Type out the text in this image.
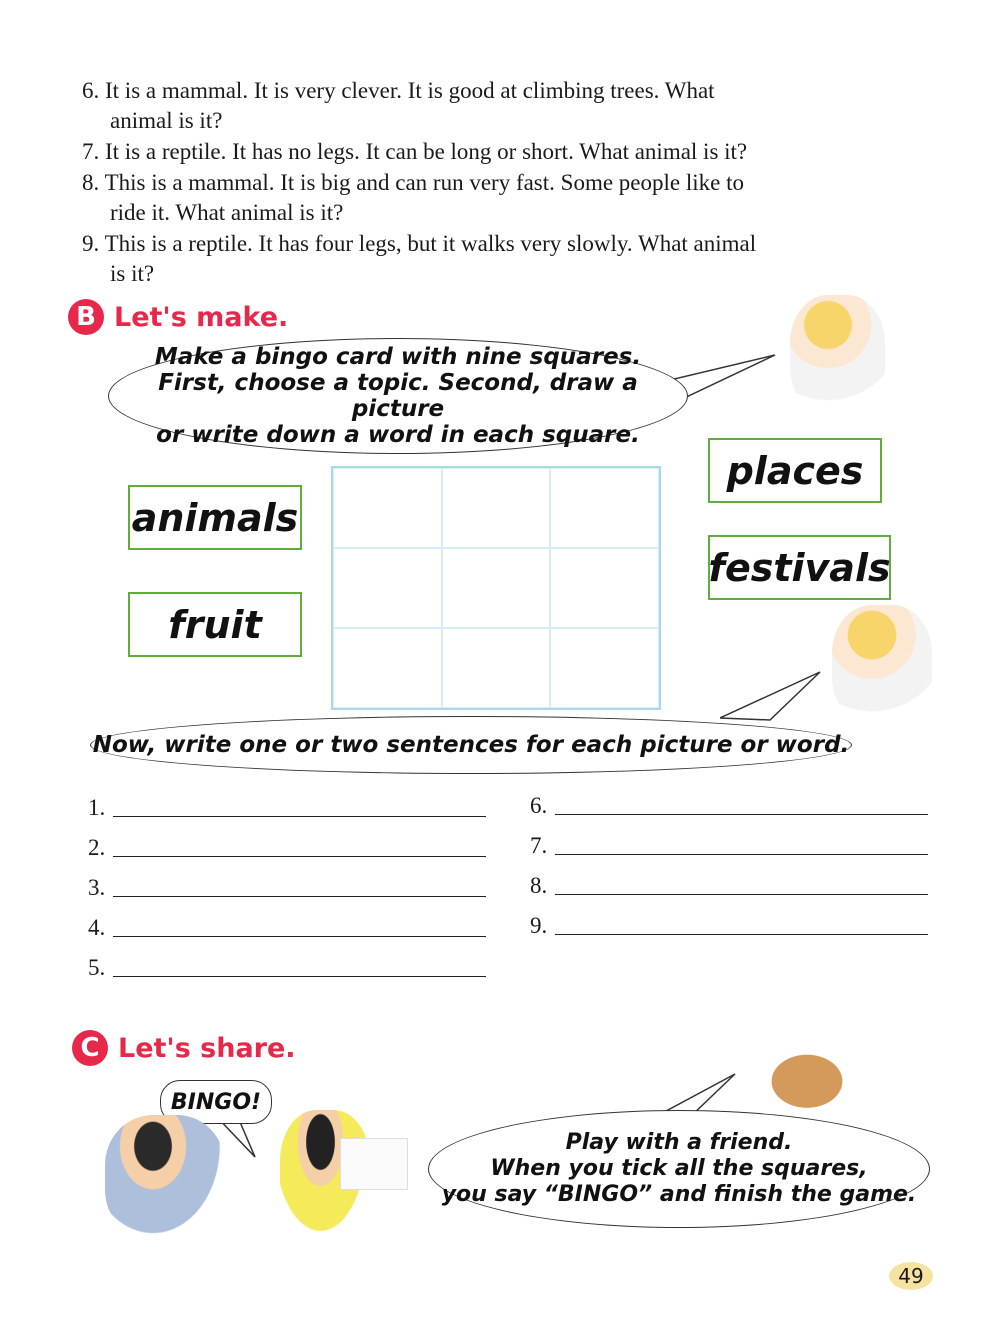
6. It is a mammal. It is very clever. It is good at climbing trees. What
animal is it?
7. It is a reptile. It has no legs. It can be long or short. What animal is it?
8. This is a mammal. It is big and can run very fast. Some people like to
ride it. What animal is it?
9. This is a reptile. It has four legs, but it walks very slowly. What animal
is it?
B Let's make.
Make a bingo card with nine squares.
First, choose a topic. Second, draw a picture
or write down a word in each square.
animals
fruit
places
festivals
Now, write one or two sentences for each picture or word.
1.
2.
3.
4.
5.
6.
7.
8.
9.
C Let's share.
BINGO!
Play with a friend.
When you tick all the squares,
you say “BINGO” and finish the game.
49
